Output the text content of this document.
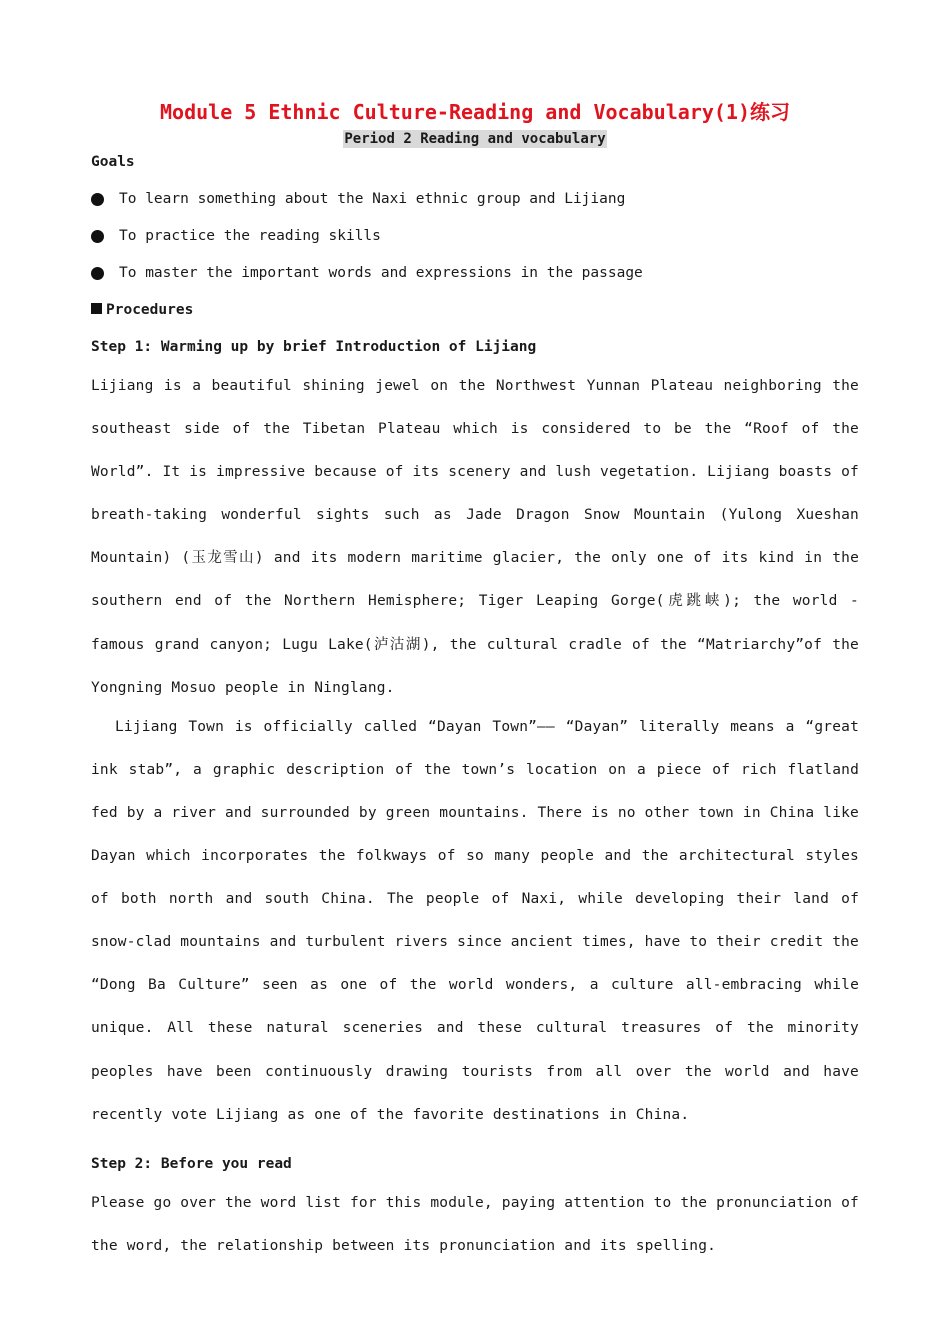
Module 5 Ethnic Culture-Reading and Vocabulary(1)练习
Period 2 Reading and vocabulary
Goals
To learn something about the Naxi ethnic group and Lijiang
To practice the reading skills
To master the important words and expressions in the passage
Procedures
Step 1: Warming up by brief Introduction of Lijiang

Lijiang is a beautiful shining jewel on the Northwest Yunnan Plateau neighboring the southeast side of the Tibetan Plateau which is considered to be the “Roof of the World”. It is impressive because of its scenery and lush vegetation. Lijiang boasts of breath-taking wonderful sights such as Jade Dragon Snow Mountain (Yulong Xueshan Mountain) (玉龙雪山) and its modern maritime glacier, the only one of its kind in the southern end of the Northern Hemisphere; Tiger Leaping Gorge(虎跳峡); the world - famous grand canyon; Lugu Lake(泸沽湖), the cultural cradle of the “Matriarchy”of the Yongning Mosuo people in Ninglang.

Lijiang Town is officially called “Dayan Town”—— “Dayan” literally means a “great ink stab”, a graphic description of the town’s location on a piece of rich flatland fed by a river and surrounded by green mountains. There is no other town in China like Dayan which incorporates the folkways of so many people and the architectural styles of both north and south China. The people of Naxi, while developing their land of snow-clad mountains and turbulent rivers since ancient times, have to their credit the “Dong Ba Culture” seen as one of the world wonders, a culture all-embracing while unique. All these natural sceneries and these cultural treasures of the minority peoples have been continuously drawing tourists from all over the world and have recently vote Lijiang as one of the favorite destinations in China.

Step 2: Before you read

Please go over the word list for this module, paying attention to the pronunciation of the word, the relationship between its pronunciation and its spelling.
